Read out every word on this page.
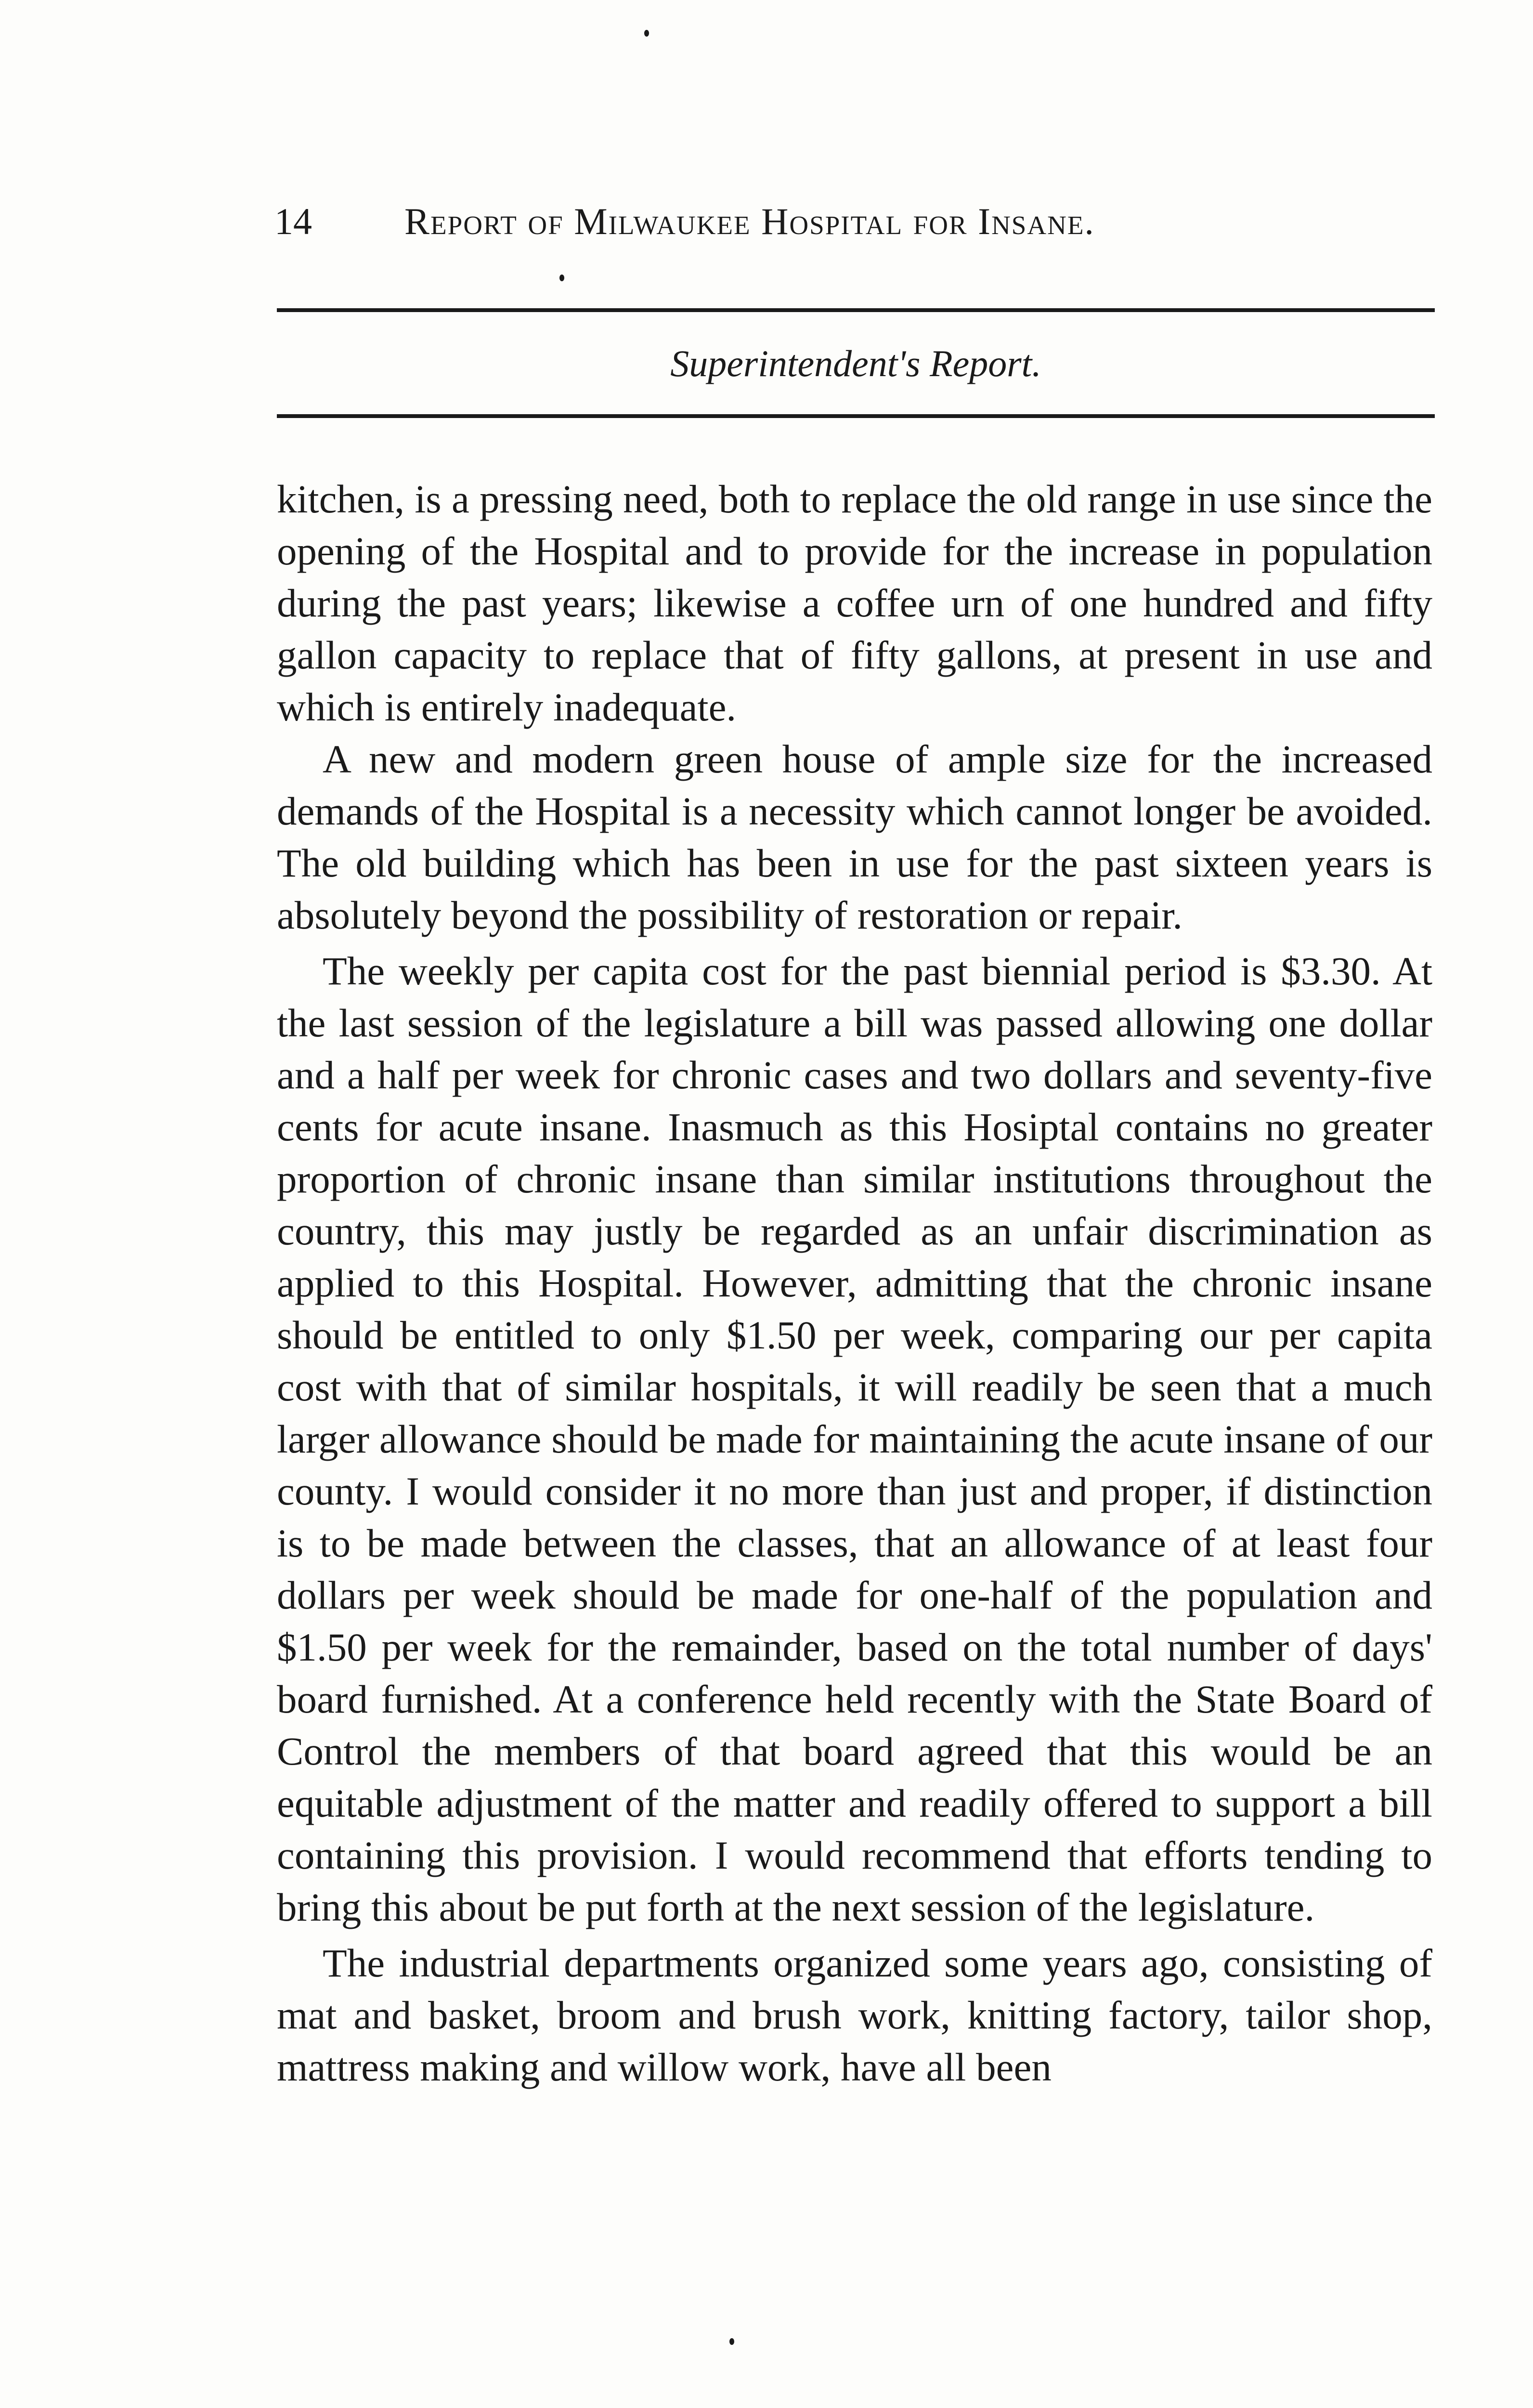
14 Report of Milwaukee Hospital for Insane.
Superintendent's Report.

kitchen, is a pressing need, both to replace the old range in use since the opening of the Hospital and to provide for the increase in population during the past years; likewise a coffee urn of one hundred and fifty gallon capacity to replace that of fifty gallons, at present in use and which is entirely inadequate.

A new and modern green house of ample size for the increased demands of the Hospital is a necessity which cannot longer be avoided. The old building which has been in use for the past sixteen years is absolutely beyond the possibility of restoration or repair.

The weekly per capita cost for the past biennial period is $3.30. At the last session of the legislature a bill was passed allowing one dollar and a half per week for chronic cases and two dollars and seventy-five cents for acute insane. Inasmuch as this Hosiptal contains no greater proportion of chronic insane than similar institutions throughout the country, this may justly be regarded as an unfair discrimination as applied to this Hospital. However, admitting that the chronic insane should be entitled to only $1.50 per week, comparing our per capita cost with that of similar hospitals, it will readily be seen that a much larger allowance should be made for maintaining the acute insane of our county. I would consider it no more than just and proper, if distinction is to be made between the classes, that an allowance of at least four dollars per week should be made for one-half of the population and $1.50 per week for the remainder, based on the total number of days' board furnished. At a conference held recently with the State Board of Control the members of that board agreed that this would be an equitable adjustment of the matter and readily offered to support a bill containing this provision. I would recommend that efforts tending to bring this about be put forth at the next session of the legislature.

The industrial departments organized some years ago, consisting of mat and basket, broom and brush work, knitting factory, tailor shop, mattress making and willow work, have all been
